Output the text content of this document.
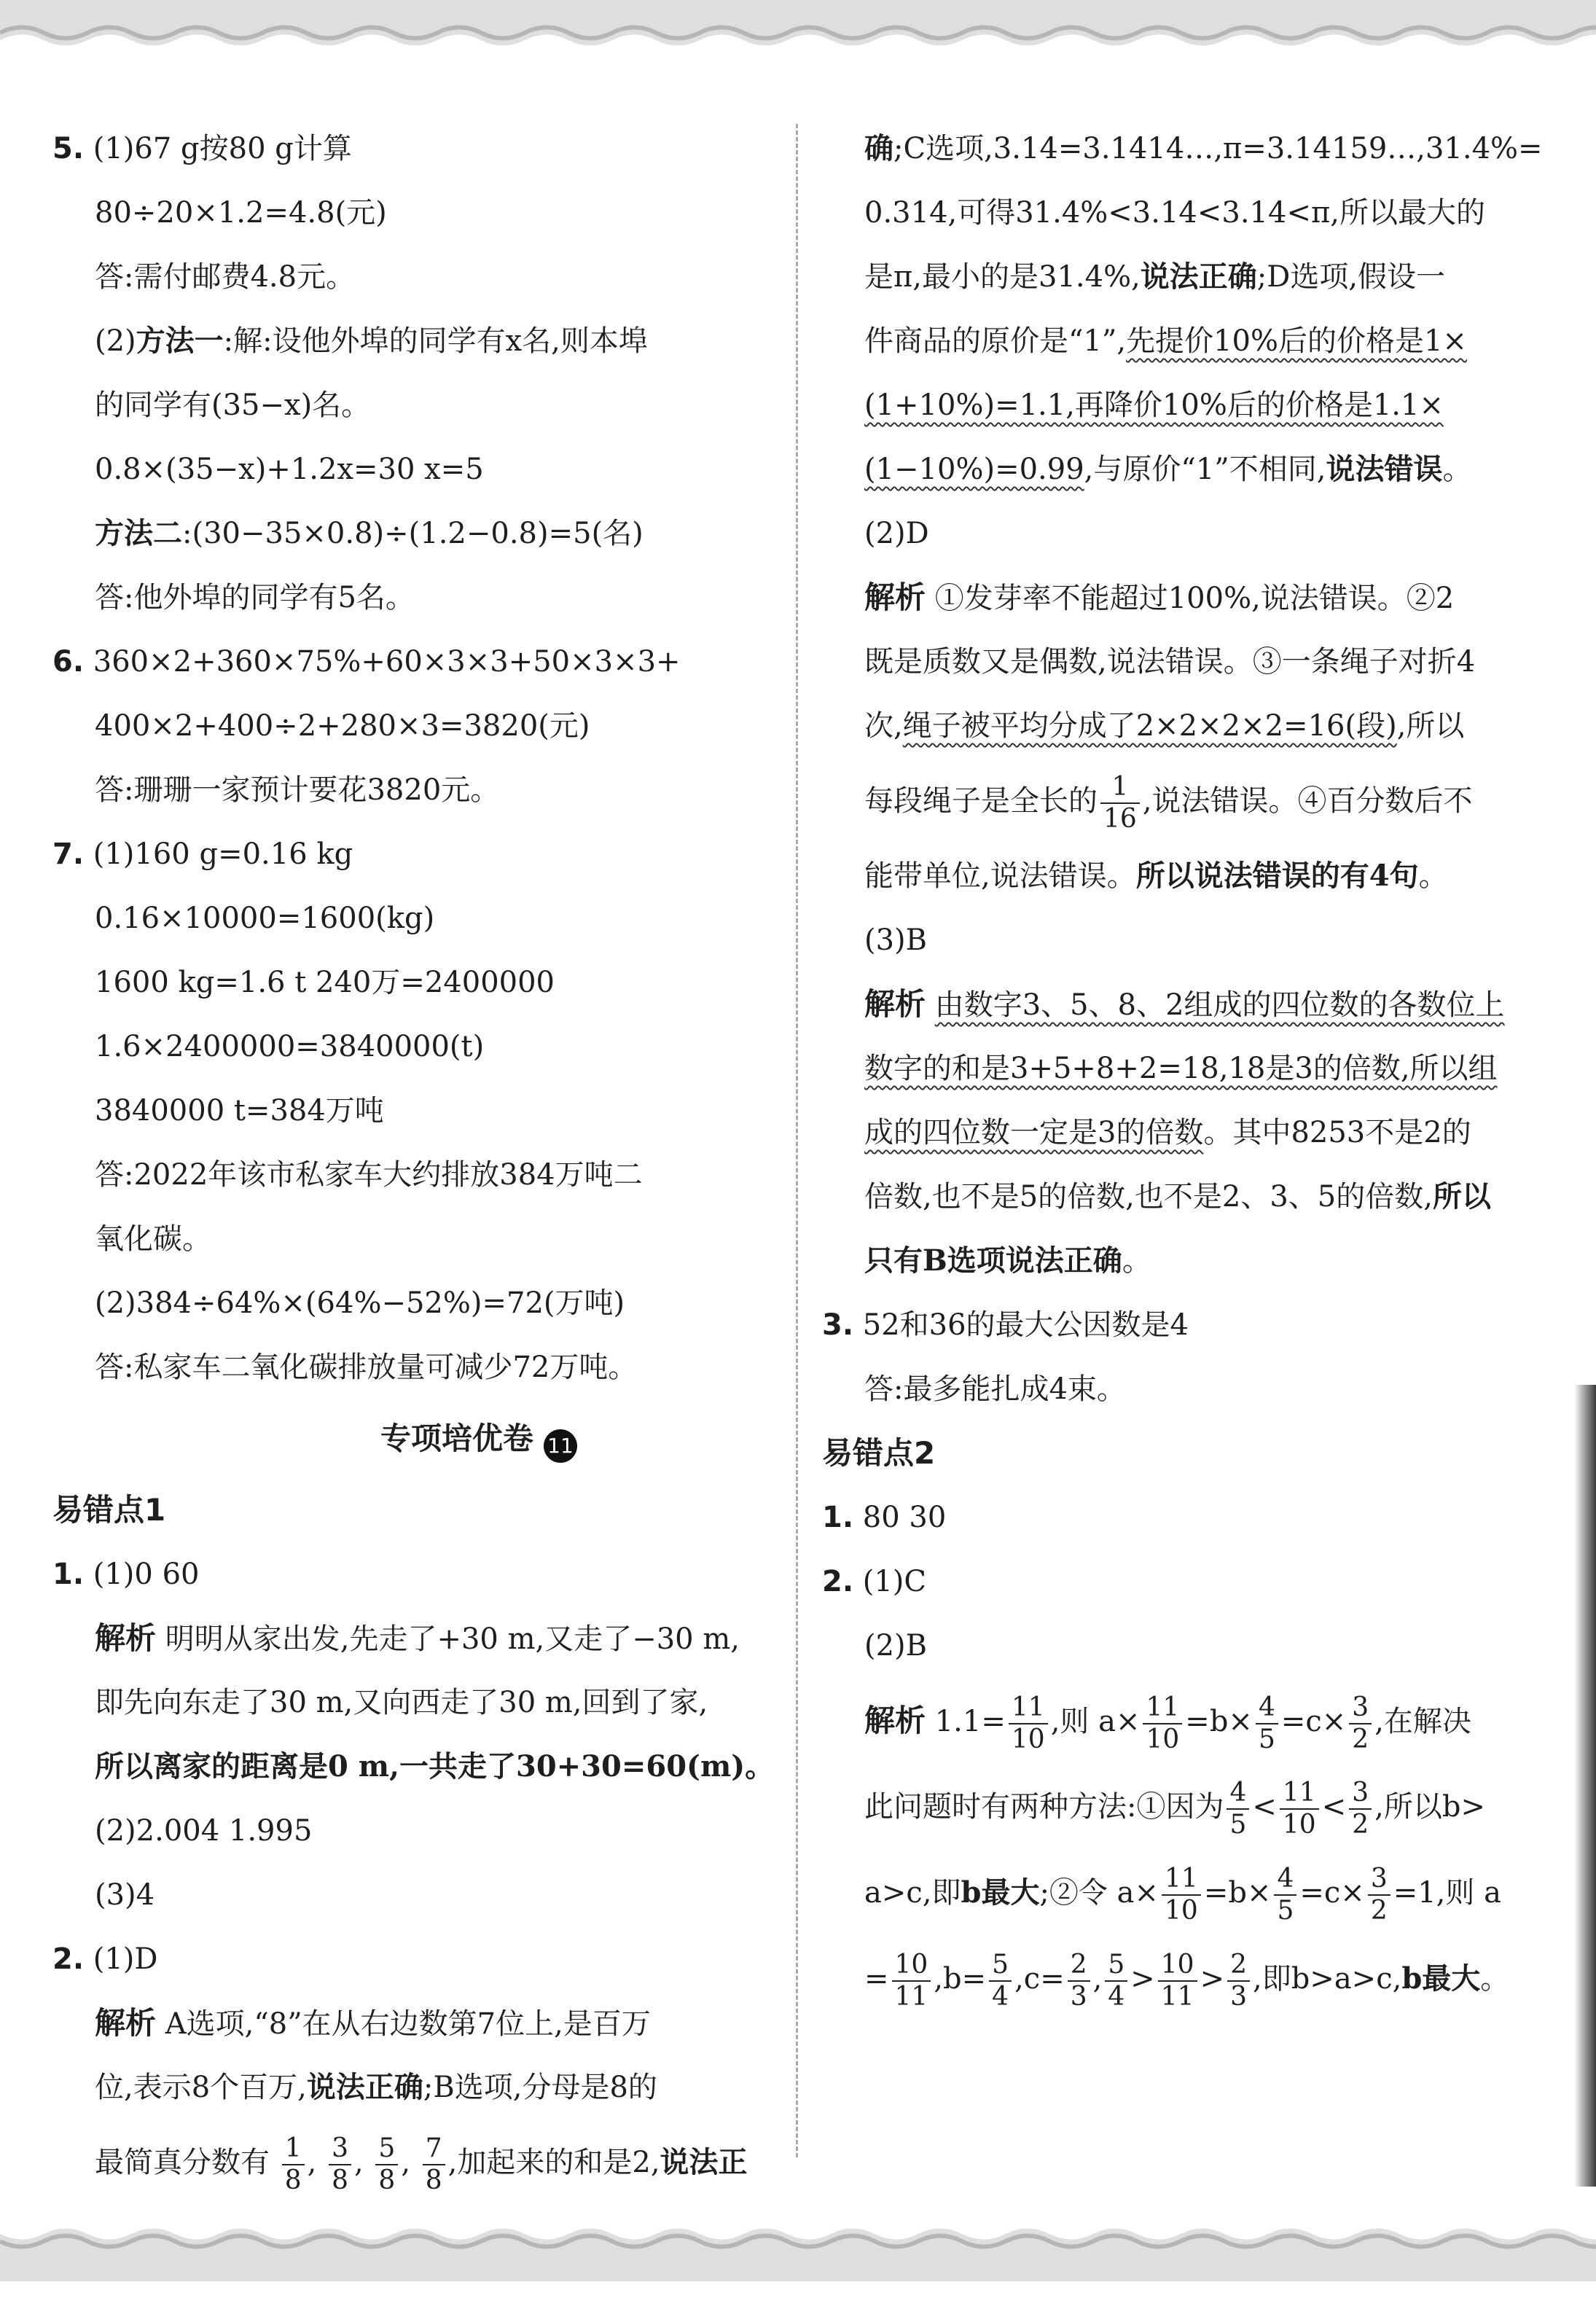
5. (1)67 g按80 g计算
80÷20×1.2=4.8(元)
答:需付邮费4.8元。
(2)方法一:解:设他外埠的同学有x名,则本埠
的同学有(35−x)名。
0.8×(35−x)+1.2x=30 x=5
方法二:(30−35×0.8)÷(1.2−0.8)=5(名)
答:他外埠的同学有5名。
6. 360×2+360×75%+60×3×3+50×3×3+
400×2+400÷2+280×3=3820(元)
答:珊珊一家预计要花3820元。
7. (1)160 g=0.16 kg
0.16×10000=1600(kg)
1600 kg=1.6 t 240万=2400000
1.6×2400000=3840000(t)
3840000 t=384万吨
答:2022年该市私家车大约排放384万吨二
氧化碳。
(2)384÷64%×(64%−52%)=72(万吨)
答:私家车二氧化碳排放量可减少72万吨。
专项培优卷 11
易错点1
1. (1)0 60
解析 明明从家出发,先走了+30 m,又走了−30 m,
即先向东走了30 m,又向西走了30 m,回到了家,
所以离家的距离是0 m,一共走了30+30=60(m)。
(2)2.004 1.995
(3)4
2. (1)D
解析 A选项,“8”在从右边数第7位上,是百万
位,表示8个百万,说法正确;B选项,分母是8的
最简真分数有 $\frac{1}{8}$ , $\frac{3}{8}$ , $\frac{5}{8}$ , $\frac{7}{8}$ ,加起来的和是2,说法正
确;C选项,3.14=3.1414…,π=3.14159…,31.4%=
0.314,可得31.4%<3.14<3.14<π,所以最大的
是π,最小的是31.4%,说法正确;D选项,假设一
件商品的原价是“1”,先提价10%后的价格是1×
(1+10%)=1.1,再降价10%后的价格是1.1×
(1−10%)=0.99,与原价“1”不相同,说法错误。
(2)D
解析 ①发芽率不能超过100%,说法错误。②2
既是质数又是偶数,说法错误。③一条绳子对折4
次,绳子被平均分成了2×2×2×2=16(段),所以
每段绳子是全长的 $\frac{1}{16}$ ,说法错误。④百分数后不
能带单位,说法错误。所以说法错误的有4句。
(3)B
解析 由数字3、5、8、2组成的四位数的各数位上
数字的和是3+5+8+2=18,18是3的倍数,所以组
成的四位数一定是3的倍数。其中8253不是2的
倍数,也不是5的倍数,也不是2、3、5的倍数,所以
只有B选项说法正确。
3. 52和36的最大公因数是4
答:最多能扎成4束。
易错点2
1. 80 30
2. (1)C
(2)B
解析 $1.1= \frac{11}{10}$ ,则 $a\times \frac{11}{10} =b\times \frac{4}{5} =c\times \frac{3}{2}$ ,在解决
此问题时有两种方法:①因为 $\frac{4}{5} < \frac{11}{10} < \frac{3}{2}$ ,所以b>
a>c,即b最大;②令 $a\times \frac{11}{10} =b\times \frac{4}{5} =c\times \frac{3}{2} =1$,则 a
= $\frac{10}{11} ,b= \frac{5}{4} ,c= \frac{2}{3}$ , $\frac{5}{4} > \frac{10}{11} > \frac{2}{3}$ ,即b>a>c,b最大。
